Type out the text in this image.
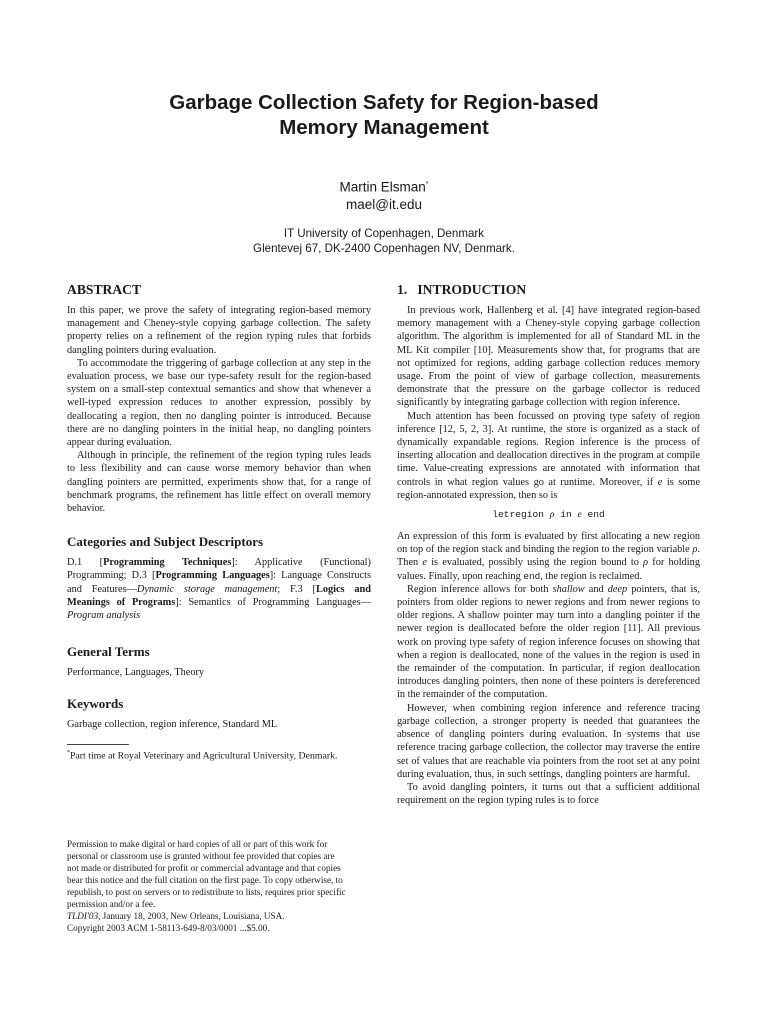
Garbage Collection Safety for Region-based
Memory Management
Martin Elsman*
mael@it.edu
IT University of Copenhagen, Denmark
Glentevej 67, DK-2400 Copenhagen NV, Denmark.
ABSTRACT
In this paper, we prove the safety of integrating region-based memory management and Cheney-style copying garbage collection. The safety property relies on a refinement of the region typing rules that forbids dangling pointers during evaluation.
To accommodate the triggering of garbage collection at any step in the evaluation process, we base our type-safety result for the region-based system on a small-step contextual semantics and show that whenever a well-typed expression reduces to another expression, possibly by deallocating a region, then no dangling pointer is introduced. Because there are no dangling pointers in the initial heap, no dangling pointers appear during evaluation.
Although in principle, the refinement of the region typing rules leads to less flexibility and can cause worse memory behavior than when dangling pointers are permitted, experiments show that, for a range of benchmark programs, the refinement has little effect on overall memory behavior.
Categories and Subject Descriptors
D.1 [Programming Techniques]: Applicative (Functional) Programming; D.3 [Programming Languages]: Language Constructs and Features—Dynamic storage management; F.3 [Logics and Meanings of Programs]: Semantics of Programming Languages—Program analysis
General Terms
Performance, Languages, Theory
Keywords
Garbage collection, region inference, Standard ML
*Part time at Royal Veterinary and Agricultural University, Denmark.
Permission to make digital or hard copies of all or part of this work for
personal or classroom use is granted without fee provided that copies are
not made or distributed for profit or commercial advantage and that copies
bear this notice and the full citation on the first page. To copy otherwise, to
republish, to post on servers or to redistribute to lists, requires prior specific
permission and/or a fee.
TLDI'03, January 18, 2003, New Orleans, Louisiana, USA.
Copyright 2003 ACM 1-58113-649-8/03/0001 ...$5.00.
1.   INTRODUCTION
In previous work, Hallenberg et al. [4] have integrated region-based memory management with a Cheney-style copying garbage collection algorithm. The algorithm is implemented for all of Standard ML in the ML Kit compiler [10]. Measurements show that, for programs that are not optimized for regions, adding garbage collection reduces memory usage. From the point of view of garbage collection, measurements demonstrate that the pressure on the garbage collector is reduced significantly by integrating garbage collection with region inference.
Much attention has been focussed on proving type safety of region inference [12, 5, 2, 3]. At runtime, the store is organized as a stack of dynamically expandable regions. Region inference is the process of inserting allocation and deallocation directives in the program at compile time. Value-creating expressions are annotated with information that controls in what region values go at runtime. Moreover, if e is some region-annotated expression, then so is
letregion ρ in e end
An expression of this form is evaluated by first allocating a new region on top of the region stack and binding the region to the region variable ρ. Then e is evaluated, possibly using the region bound to ρ for holding values. Finally, upon reaching end, the region is reclaimed.
Region inference allows for both shallow and deep pointers, that is, pointers from older regions to newer regions and from newer regions to older regions. A shallow pointer may turn into a dangling pointer if the newer region is deallocated before the older region [11]. All previous work on proving type safety of region inference focuses on showing that when a region is deallocated, none of the values in the region is used in the remainder of the computation. In particular, if region deallocation introduces dangling pointers, then none of these pointers is dereferenced in the remainder of the computation.
However, when combining region inference and reference tracing garbage collection, a stronger property is needed that guarantees the absence of dangling pointers during evaluation. In systems that use reference tracing garbage collection, the collector may traverse the entire set of values that are reachable via pointers from the root set at any point during evaluation, thus, in such settings, dangling pointers are harmful.
To avoid dangling pointers, it turns out that a sufficient additional requirement on the region typing rules is to force
